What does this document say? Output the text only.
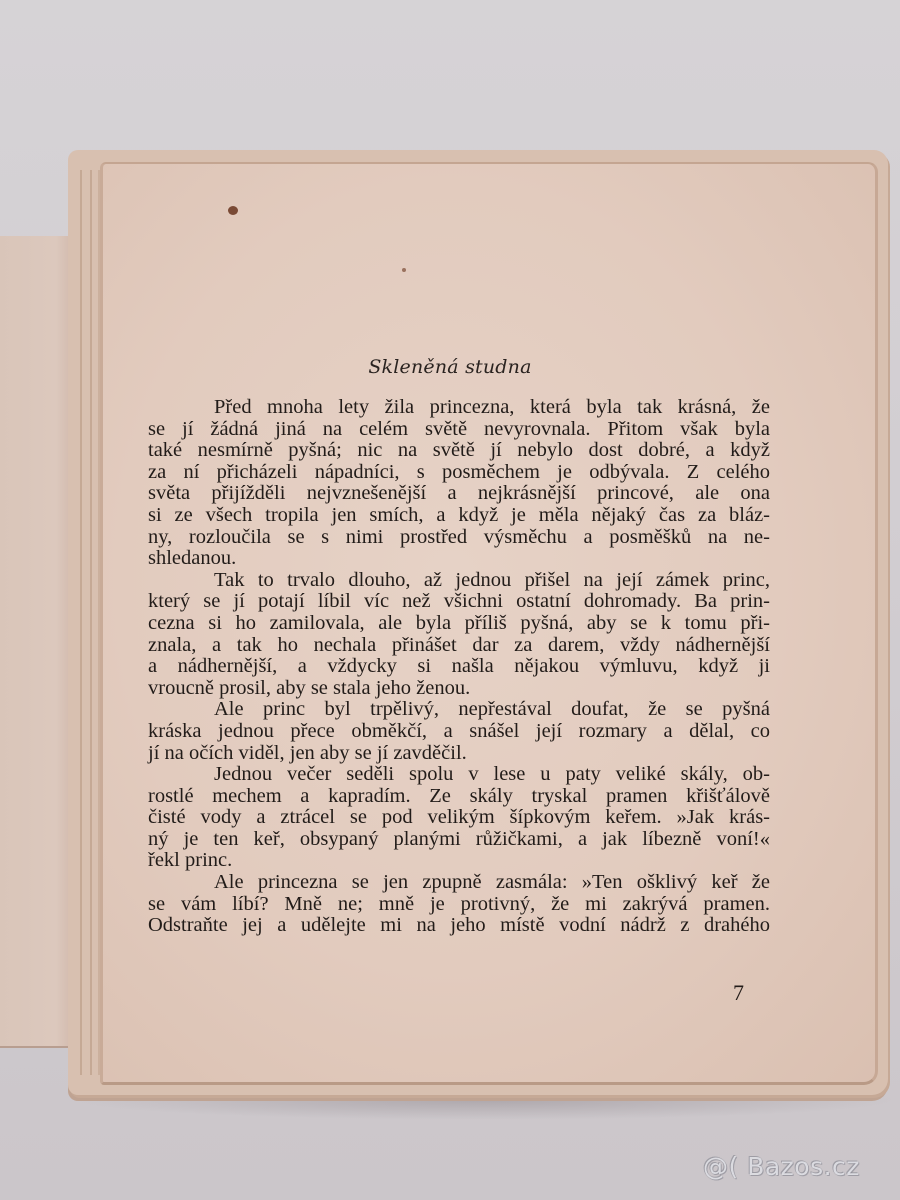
Skleněná studna

Před mnoha lety žila princezna, která byla tak krásná, že
se jí žádná jiná na celém světě nevyrovnala. Přitom však byla
také nesmírně pyšná; nic na světě jí nebylo dost dobré, a když
za ní přicházeli nápadníci, s posměchem je odbývala. Z celého
světa přijížděli nejvznešenější a nejkrásnější princové, ale ona
si ze všech tropila jen smích, a když je měla nějaký čas za bláz-
ny, rozloučila se s nimi prostřed výsměchu a posměšků na ne-
shledanou.

Tak to trvalo dlouho, až jednou přišel na její zámek princ,
který se jí potají líbil víc než všichni ostatní dohromady. Ba prin-
cezna si ho zamilovala, ale byla příliš pyšná, aby se k tomu při-
znala, a tak ho nechala přinášet dar za darem, vždy nádhernější
a nádhernější, a vždycky si našla nějakou výmluvu, když ji
vroucně prosil, aby se stala jeho ženou.

Ale princ byl trpělivý, nepřestával doufat, že se pyšná
kráska jednou přece obměkčí, a snášel její rozmary a dělal, co
jí na očích viděl, jen aby se jí zavděčil.

Jednou večer seděli spolu v lese u paty veliké skály, ob-
rostlé mechem a kapradím. Ze skály tryskal pramen křišťálově
čisté vody a ztrácel se pod velikým šípkovým keřem. »Jak krás-
ný je ten keř, obsypaný planými růžičkami, a jak líbezně voní!«
řekl princ.

Ale princezna se jen zpupně zasmála: »Ten ošklivý keř že
se vám líbí? Mně ne; mně je protivný, že mi zakrývá pramen.
Odstraňte jej a udělejte mi na jeho místě vodní nádrž z drahého

7
@( Bazos.cz
